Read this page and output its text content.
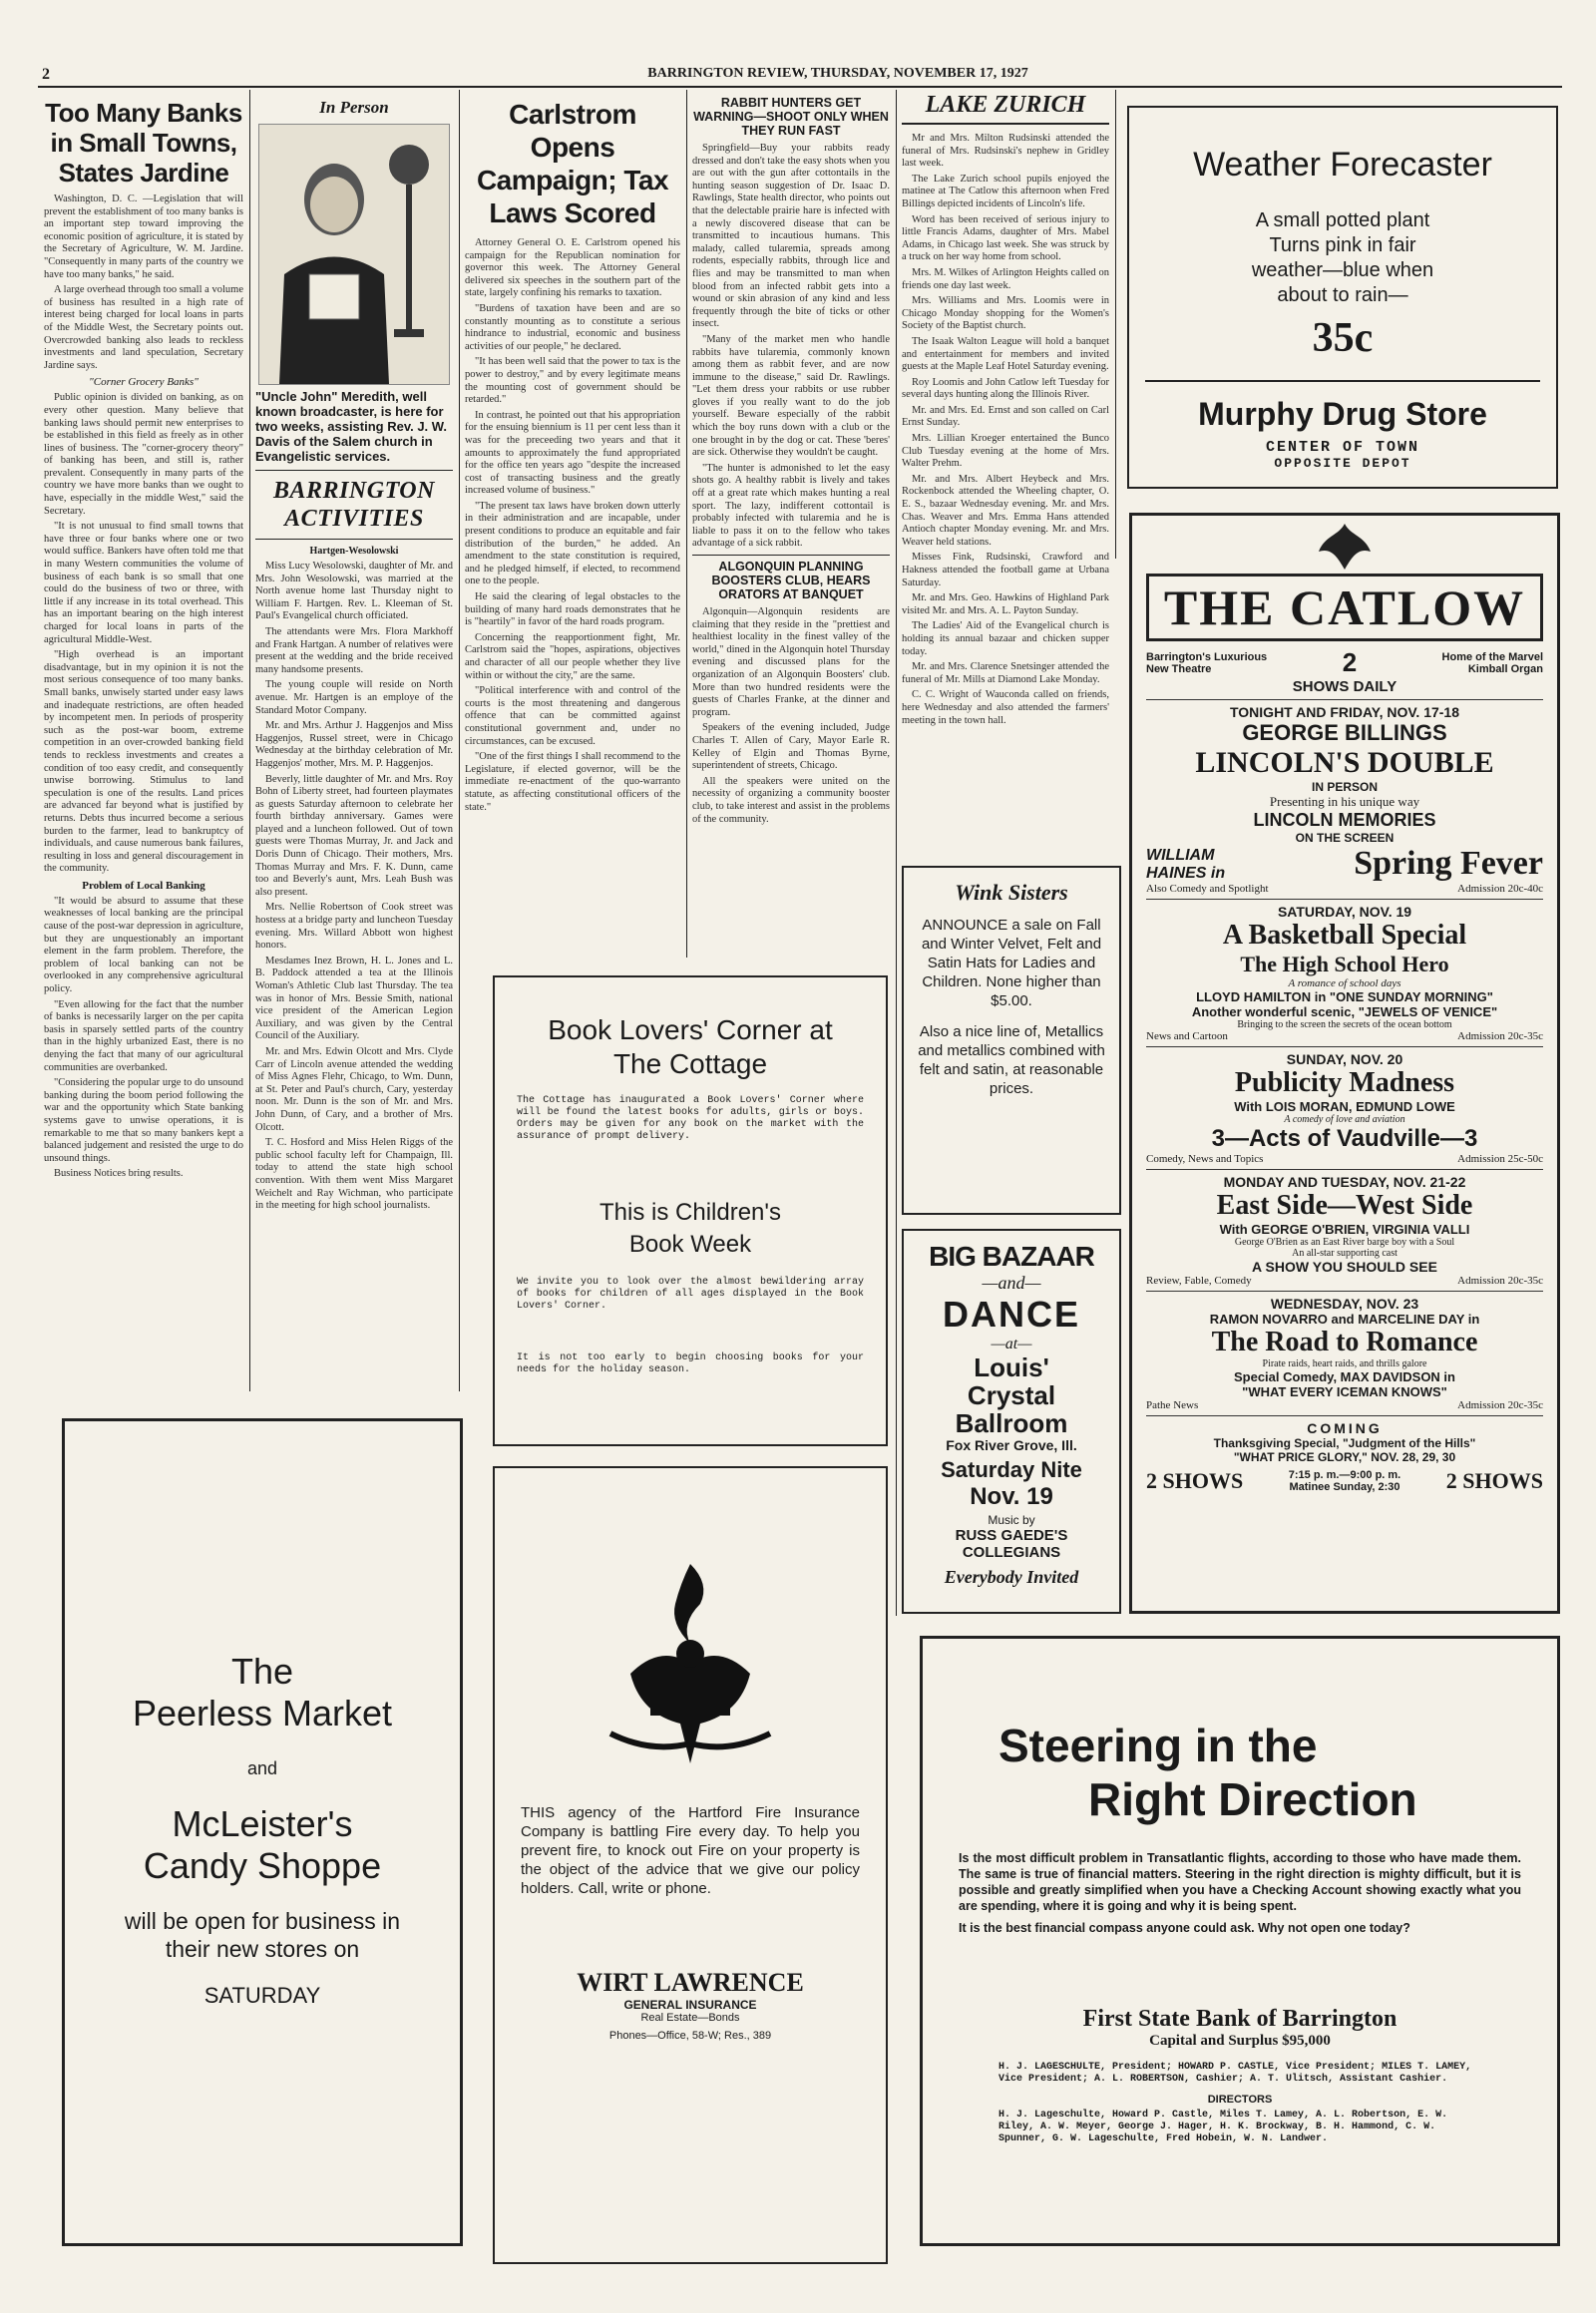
2	BARRINGTON REVIEW, THURSDAY, NOVEMBER 17, 1927
Too Many Banks in Small Towns, States Jardine

Washington, D. C. —Legislation that will prevent the establishment of too many banks is an important step toward improving the economic position of agriculture, it is stated by the Secretary of Agriculture, W. M. Jardine. "Consequently in many parts of the country we have too many banks," he said.

A large overhead through too small a volume of business has resulted in a high rate of interest being charged for local loans in parts of the Middle West, the Secretary points out. Overcrowded banking also leads to reckless investments and land speculation, Secretary Jardine says.

"Corner Grocery Banks"

Public opinion is divided on banking, as on every other question. Many believe that banking laws should permit new enterprises to be established in this field as freely as in other lines of business. The "corner-grocery theory" of banking has been, and still is, rather prevalent. Consequently in many parts of the country we have more banks than we ought to have, especially in the middle West," said the Secretary.

"It is not unusual to find small towns that have three or four banks where one or two would suffice. Bankers have often told me that in many Western communities the volume of business of each bank is so small that one could do the business of two or three, with little if any increase in its total overhead. This has an important bearing on the high interest charged for local loans in parts of the agricultural Middle-West.

"High overhead is an important disadvantage, but in my opinion it is not the most serious consequence of too many banks. Small banks, unwisely started under easy laws and inadequate restrictions, are often headed by incompetent men. In periods of prosperity such as the post-war boom, extreme competition in an over-crowded banking field tends to reckless investments and creates a condition of too easy credit, and consequently unwise borrowing. Stimulus to land speculation is one of the results. Land prices are advanced far beyond what is justified by returns. Debts thus incurred become a serious burden to the farmer, lead to bankruptcy of individuals, and cause numerous bank failures, resulting in loss and general discouragement in the community.

Problem of Local Banking

"It would be absurd to assume that these weaknesses of local banking are the principal cause of the post-war depression in agriculture, but they are unquestionably an important element in the farm problem. Therefore, the problem of local banking can not be overlooked in any comprehensive agricultural policy.

"Even allowing for the fact that the number of banks is necessarily larger on the per capita basis in sparsely settled parts of the country than in the highly urbanized East, there is no denying the fact that many of our agricultural communities are overbanked.

"Considering the popular urge to do unsound banking during the boom period following the war and the opportunity which State banking systems gave to unwise operations, it is remarkable to me that so many bankers kept a balanced judgement and resisted the urge to do unsound things.

Business Notices bring results.

In Person
"Uncle John" Meredith, well known broadcaster, is here for two weeks, assisting Rev. J. W. Davis of the Salem church in Evangelistic services.
BARRINGTON ACTIVITIES
Hartgen-Wesolowski

Miss Lucy Wesolowski, daughter of Mr. and Mrs. John Wesolowski, was married at the North avenue home last Thursday night to William F. Hartgen. Rev. L. Kleeman of St. Paul's Evangelical church officiated.

The attendants were Mrs. Flora Markhoff and Frank Hartgan. A number of relatives were present at the wedding and the bride received many handsome presents.

The young couple will reside on North avenue. Mr. Hartgen is an employe of the Standard Motor Company.

Mr. and Mrs. Arthur J. Haggenjos and Miss Haggenjos, Russel street, were in Chicago Wednesday at the birthday celebration of Mr. Haggenjos' mother, Mrs. M. P. Haggenjos.

Beverly, little daughter of Mr. and Mrs. Roy Bohn of Liberty street, had fourteen playmates as guests Saturday afternoon to celebrate her fourth birthday anniversary. Games were played and a luncheon followed. Out of town guests were Thomas Murray, Jr. and Jack and Doris Dunn of Chicago. Their mothers, Mrs. Thomas Murray and Mrs. F. K. Dunn, came too and Beverly's aunt, Mrs. Leah Bush was also present.

Mrs. Nellie Robertson of Cook street was hostess at a bridge party and luncheon Tuesday evening. Mrs. Willard Abbott won highest honors.

Mesdames Inez Brown, H. L. Jones and L. B. Paddock attended a tea at the Illinois Woman's Athletic Club last Thursday. The tea was in honor of Mrs. Bessie Smith, national vice president of the American Legion Auxiliary, and was given by the Central Council of the Auxiliary.

Mr. and Mrs. Edwin Olcott and Mrs. Clyde Carr of Lincoln avenue attended the wedding of Miss Agnes Flehr, Chicago, to Wm. Dunn, at St. Peter and Paul's church, Cary, yesterday noon. Mr. Dunn is the son of Mr. and Mrs. John Dunn, of Cary, and a brother of Mrs. Olcott.

T. C. Hosford and Miss Helen Riggs of the public school faculty left for Champaign, Ill. today to attend the state high school convention. With them went Miss Margaret Weichelt and Ray Wichman, who participate in the meeting for high school journalists.

Carlstrom Opens Campaign; Tax Laws Scored

Attorney General O. E. Carlstrom opened his campaign for the Republican nomination for governor this week. The Attorney General delivered six speeches in the southern part of the state, largely confining his remarks to taxation.

"Burdens of taxation have been and are so constantly mounting as to constitute a serious hindrance to industrial, economic and business activities of our people," he declared.

"It has been well said that the power to tax is the power to destroy," and by every legitimate means the mounting cost of government should be retarded."

In contrast, he pointed out that his appropriation for the ensuing biennium is 11 per cent less than it was for the preceeding two years and that it amounts to approximately the fund appropriated for the office ten years ago "despite the increased cost of transacting business and the greatly increased volume of business."

"The present tax laws have broken down utterly in their administration and are incapable, under present conditions to produce an equitable and fair distribution of the burden," he added. An amendment to the state constitution is required, and he pledged himself, if elected, to recommend one to the people.

He said the clearing of legal obstacles to the building of many hard roads demonstrates that he is "heartily" in favor of the hard roads program.

Concerning the reapportionment fight, Mr. Carlstrom said the "hopes, aspirations, objectives and character of all our people whether they live within or without the city," are the same.

"Political interference with and control of the courts is the most threatening and dangerous offence that can be committed against constitutional government and, under no circumstances, can be excused.

"One of the first things I shall recommend to the Legislature, if elected governor, will be the immediate re-enactment of the quo-warranto statute, as affecting constitutional officers of the state."

RABBIT HUNTERS GET WARNING—SHOOT ONLY WHEN THEY RUN FAST

Springfield—Buy your rabbits ready dressed and don't take the easy shots when you are out with the gun after cottontails in the hunting season suggestion of Dr. Isaac D. Rawlings, State health director, who points out that the delectable prairie hare is infected with a newly discovered disease that can be transmitted to incautious humans. This malady, called tularemia, spreads among rodents, especially rabbits, through lice and flies and may be transmitted to man when blood from an infected rabbit gets into a wound or skin abrasion of any kind and less frequently through the bite of ticks or other insect.

"Many of the market men who handle rabbits have tularemia, commonly known among them as rabbit fever, and are now immune to the disease," said Dr. Rawlings. "Let them dress your rabbits or use rubber gloves if you really want to do the job yourself. Beware especially of the rabbit which the boy runs down with a club or the one brought in by the dog or cat. These 'beres' are sick. Otherwise they wouldn't be caught.

"The hunter is admonished to let the easy shots go. A healthy rabbit is lively and takes off at a great rate which makes hunting a real sport. The lazy, indifferent cottontail is probably infected with tularemia and he is liable to pass it on to the fellow who takes advantage of a sick rabbit.

ALGONQUIN PLANNING BOOSTERS CLUB, HEARS ORATORS AT BANQUET

Algonquin—Algonquin residents are claiming that they reside in the "prettiest and healthiest locality in the finest valley of the world," dined in the Algonquin hotel Thursday evening and discussed plans for the organization of an Algonquin Boosters' club. More than two hundred residents were the guests of Charles Franke, at the dinner and program.

Speakers of the evening included, Judge Charles T. Allen of Cary, Mayor Earle R. Kelley of Elgin and Thomas Byrne, superintendent of streets, Chicago.

All the speakers were united on the necessity of organizing a community booster club, to take interest and assist in the problems of the community.

LAKE ZURICH

Mr and Mrs. Milton Rudsinski attended the funeral of Mrs. Rudsinski's nephew in Gridley last week.

The Lake Zurich school pupils enjoyed the matinee at The Catlow this afternoon when Fred Billings depicted incidents of Lincoln's life.

Word has been received of serious injury to little Francis Adams, daughter of Mrs. Mabel Adams, in Chicago last week. She was struck by a truck on her way home from school.

Mrs. M. Wilkes of Arlington Heights called on friends one day last week.

Mrs. Williams and Mrs. Loomis were in Chicago Monday shopping for the Women's Society of the Baptist church.

The Isaak Walton League will hold a banquet and entertainment for members and invited guests at the Maple Leaf Hotel Saturday evening.

Roy Loomis and John Catlow left Tuesday for several days hunting along the Illinois River.

Mr. and Mrs. Ed. Ernst and son called on Carl Ernst Sunday.

Mrs. Lillian Kroeger entertained the Bunco Club Tuesday evening at the home of Mrs. Walter Prehm.

Mr. and Mrs. Albert Heybeck and Mrs. Rockenbock attended the Wheeling chapter, O. E. S., bazaar Wednesday evening. Mr. and Mrs. Chas. Weaver and Mrs. Emma Hans attended Antioch chapter Monday evening. Mr. and Mrs. Weaver held stations.

Misses Fink, Rudsinski, Crawford and Hakness attended the football game at Urbana Saturday.

Mr. and Mrs. Geo. Hawkins of Highland Park visited Mr. and Mrs. A. L. Payton Sunday.

The Ladies' Aid of the Evangelical church is holding its annual bazaar and chicken supper today.

Mr. and Mrs. Clarence Snetsinger attended the funeral of Mr. Mills at Diamond Lake Monday.

C. C. Wright of Wauconda called on friends, here Wednesday and also attended the farmers' meeting in the town hall.

Weather Forecaster
A small potted plant Turns pink in fair weather—blue when about to rain—
35c
Murphy Drug Store
CENTER OF TOWN
OPPOSITE DEPOT
THE CATLOW
Barrington's Luxurious New Theatre	2	Home of the Marvel Kimball Organ
SHOWS DAILY
TONIGHT AND FRIDAY, NOV. 17-18
GEORGE BILLINGS
LINCOLN'S DOUBLE
IN PERSON
Presenting in his unique way
LINCOLN MEMORIES
ON THE SCREEN
WILLIAM HAINES in	Spring Fever
Also Comedy and Spotlight	Admission 20c-40c
SATURDAY, NOV. 19
A Basketball Special
The High School Hero
A romance of school days
LLOYD HAMILTON in "ONE SUNDAY MORNING"
Another wonderful scenic, "JEWELS OF VENICE"
Bringing to the screen the secrets of the ocean bottom
News and Cartoon	Admission 20c-35c
SUNDAY, NOV. 20
Publicity Madness
With LOIS MORAN, EDMUND LOWE
A comedy of love and aviation
3—Acts of Vaudville—3
Comedy, News and Topics	Admission 25c-50c
MONDAY AND TUESDAY, NOV. 21-22
East Side—West Side
With GEORGE O'BRIEN, VIRGINIA VALLI
George O'Brien as an East River barge boy with a Soul
An all-star supporting cast
A SHOW YOU SHOULD SEE
Review, Fable, Comedy	Admission 20c-35c
WEDNESDAY, NOV. 23
RAMON NOVARRO and MARCELINE DAY in
The Road to Romance
Pirate raids, heart raids, and thrills galore
Special Comedy, MAX DAVIDSON in
"WHAT EVERY ICEMAN KNOWS"
Pathe News	Admission 20c-35c
COMING
Thanksgiving Special, "Judgment of the Hills"
"WHAT PRICE GLORY," NOV. 28, 29, 30
2 SHOWS	7:15 p. m.—9:00 p. m.
Matinee Sunday, 2:30 2 SHOWS
Book Lovers' Corner at The Cottage
The Cottage has inaugurated a Book Lovers' Corner where will be found the latest books for adults, girls or boys. Orders may be given for any book on the market with the assurance of prompt delivery.
This is Children's Book Week
We invite you to look over the almost bewildering array of books for children of all ages displayed in the Book Lovers' Corner.
It is not too early to begin choosing books for your needs for the holiday season.
Wink Sisters
ANNOUNCE a sale on Fall and Winter Velvet, Felt and Satin Hats for Ladies and Children. None higher than $5.00.
Also a nice line of, Metallics and metallics combined with felt and satin, at reasonable prices.
BIG BAZAAR
—and—
DANCE
—at—
Louis'
Crystal
Ballroom
Fox River Grove, Ill.
Saturday Nite
Nov. 19
Music by
RUSS GAEDE'S
COLLEGIANS
Everybody Invited
The
Peerless Market
and
McLeister's
Candy Shoppe
will be open for business in their new stores on
SATURDAY
THIS agency of the Hartford Fire Insurance Company is battling Fire every day. To help you prevent fire, to knock out Fire on your property is the object of the advice that we give our policy holders. Call, write or phone.
WIRT LAWRENCE
GENERAL INSURANCE
Real Estate—Bonds
Phones—Office, 58-W; Res., 389
Steering in the
Right Direction
Is the most difficult problem in Transatlantic flights, according to those who have made them. The same is true of financial matters. Steering in the right direction is mighty difficult, but it is possible and greatly simplified when you have a Checking Account showing exactly what you are spending, where it is going and why it is being spent.
It is the best financial compass anyone could ask. Why not open one today?
First State Bank of Barrington
Capital and Surplus $95,000
H. J. LAGESCHULTE, President; HOWARD P. CASTLE, Vice President; MILES T. LAMEY, Vice President; A. L. ROBERTSON, Cashier; A. T. Ulitsch, Assistant Cashier.
DIRECTORS
H. J. Lageschulte, Howard P. Castle, Miles T. Lamey, A. L. Robertson, E. W. Riley, A. W. Meyer, George J. Hager, H. K. Brockway, B. H. Hammond, C. W. Spunner, G. W. Lageschulte, Fred Hobein, W. N. Landwer.
